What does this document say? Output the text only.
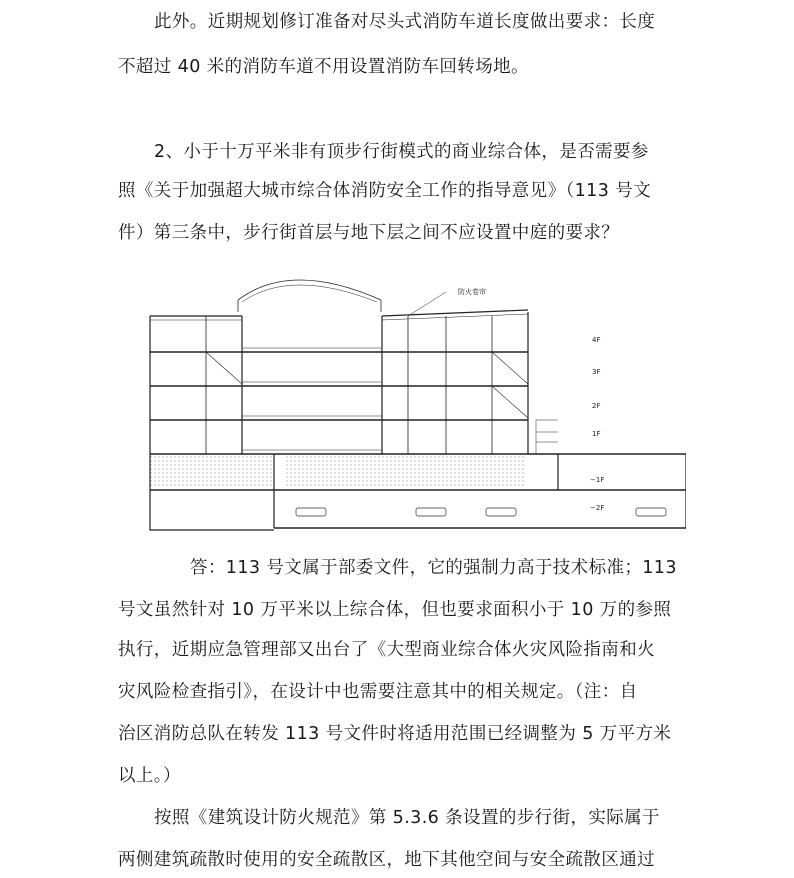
此外。近期规划修订准备对尽头式消防车道长度做出要求：长度
不超过 40 米的消防车道不用设置消防车回转场地。
2、小于十万平米非有顶步行街模式的商业综合体，是否需要参
照《关于加强超大城市综合体消防安全工作的指导意见》（113 号文
件）第三条中，步行街首层与地下层之间不应设置中庭的要求？
防火卷帘
4F
3F
2F
1F
−1F
−2F
答：113 号文属于部委文件，它的强制力高于技术标准；113
号文虽然针对 10 万平米以上综合体，但也要求面积小于 10 万的参照
执行，近期应急管理部又出台了《大型商业综合体火灾风险指南和火
灾风险检查指引》，在设计中也需要注意其中的相关规定。（注：自
治区消防总队在转发 113 号文件时将适用范围已经调整为 5 万平方米
以上。）
按照《建筑设计防火规范》第 5.3.6 条设置的步行街，实际属于
两侧建筑疏散时使用的安全疏散区，地下其他空间与安全疏散区通过
